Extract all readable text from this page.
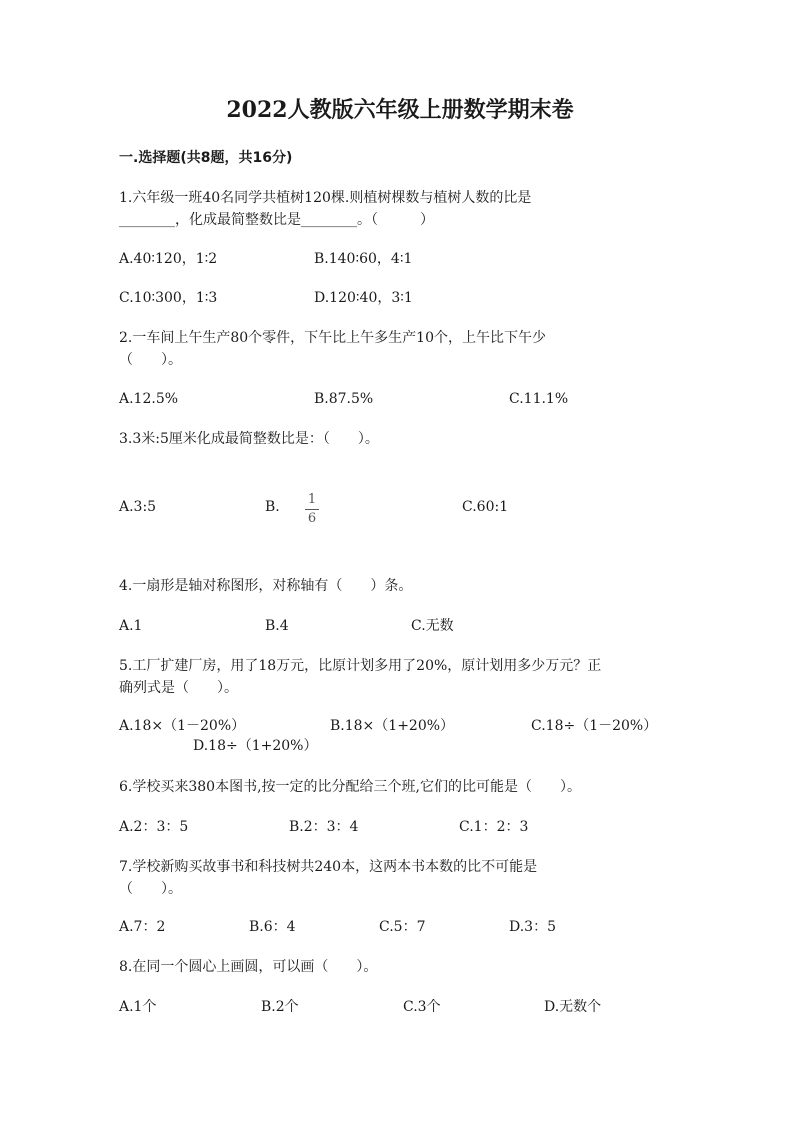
2022人教版六年级上册数学期末卷
一.选择题(共8题，共16分)
1.六年级一班40名同学共植树120棵.则植树棵数与植树人数的比是
________，化成最简整数比是________。（　　　）
A.40∶120，1∶2	B.140∶60，4∶1
C.10∶300，1∶3	D.120∶40，3∶1
2.一车间上午生产80个零件，下午比上午多生产10个，上午比下午少
（　　）。
A.12.5%	B.87.5%	C.11.1%
3.3米:5厘米化成最简整数比是：（　　）。
A.3:5	B.	1
6
C.60:1
4.一扇形是轴对称图形，对称轴有（　　）条。
A.1	B.4	C.无数
5.工厂扩建厂房，用了18万元，比原计划多用了20%，原计划用多少万元？正
确列式是（　　）。
A.18×（1－20%）	B.18×（1+20%）	C.18÷（1－20%）
D.18÷（1+20%）
6.学校买来380本图书,按一定的比分配给三个班,它们的比可能是（　　）。
A.2：3：5	B.2：3：4	C.1：2：3
7.学校新购买故事书和科技树共240本，这两本书本数的比不可能是
（　　）。
A.7：2	B.6：4	C.5：7	D.3：5
8.在同一个圆心上画圆，可以画（　　）。
A.1个	B.2个	C.3个	D.无数个
